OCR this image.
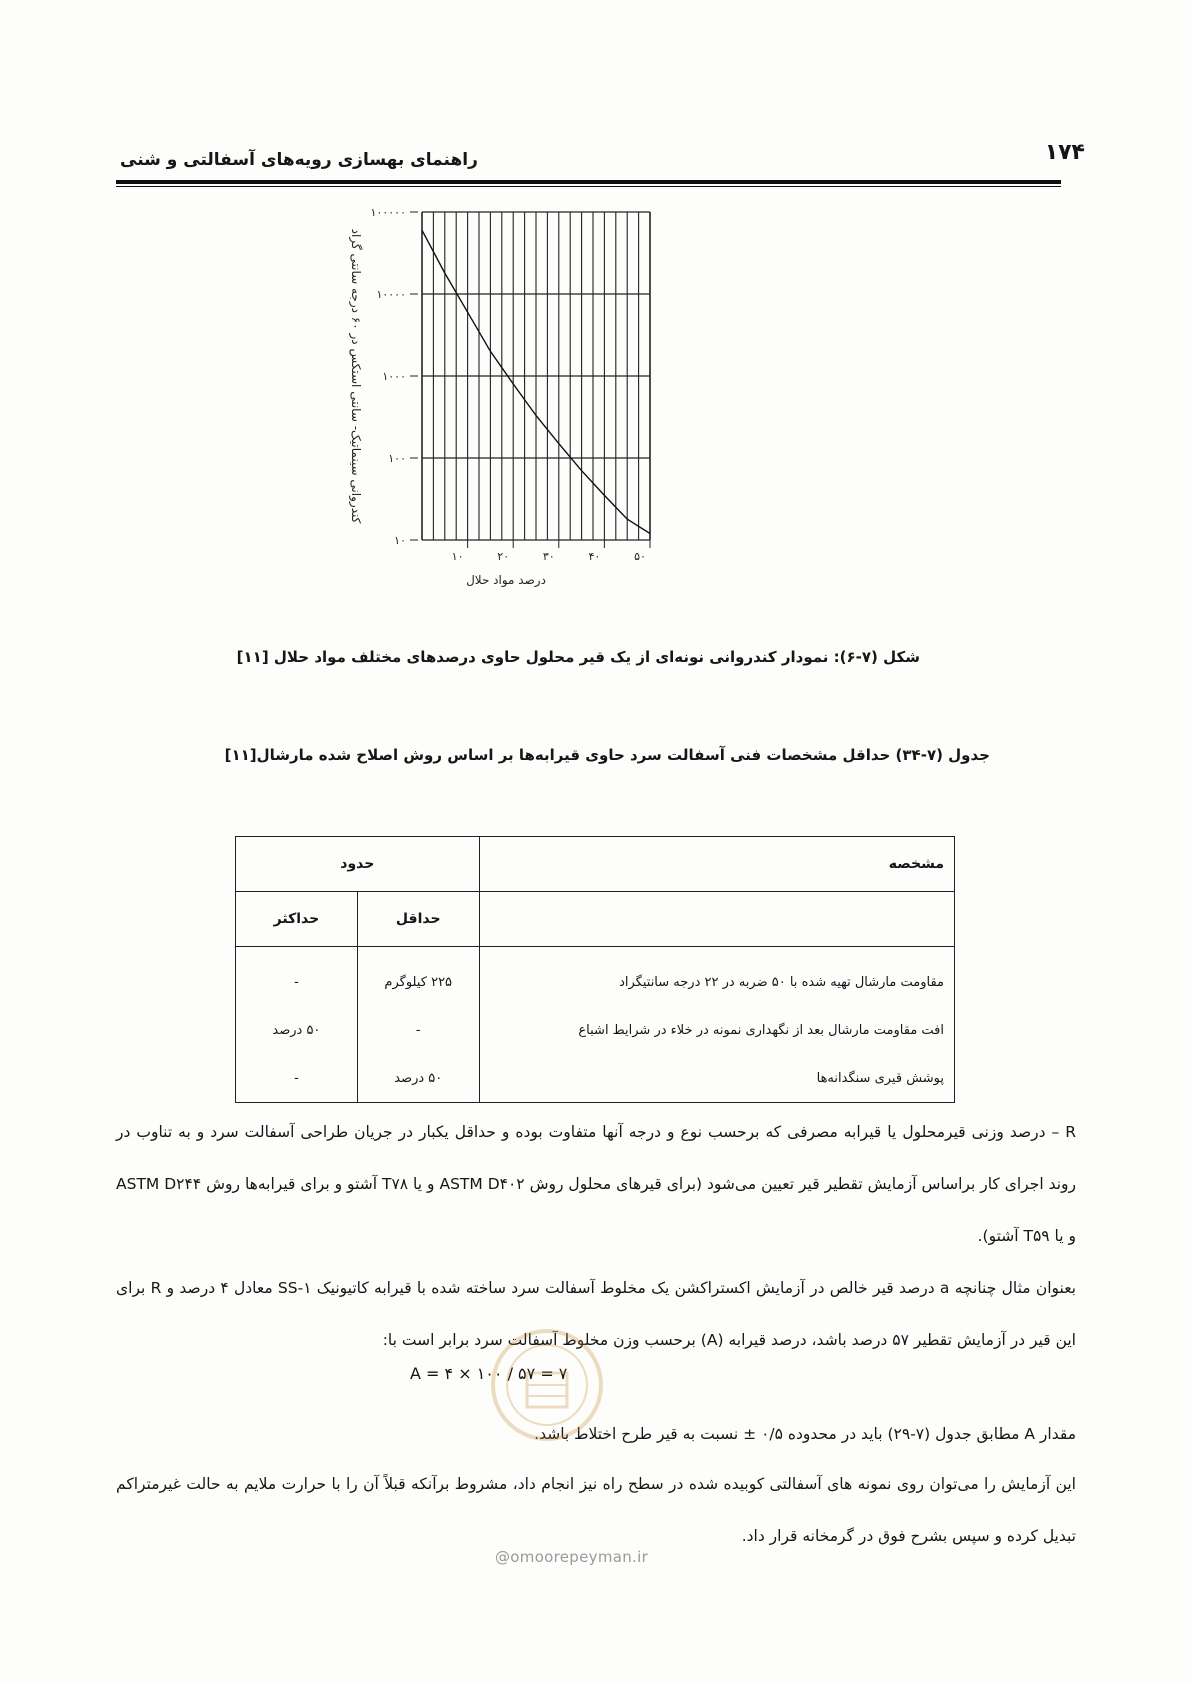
۱۷۴
راهنمای بهسازی رویه‌های آسفالتی و شنی
۱۰۰۰۰۰
۱۰۰۰۰
۱۰۰۰
۱۰۰
۱۰
۱۰	۲۰	۳۰	۴۰	۵۰
درصد مواد حلال
کندروانی سینماتیک- سانتی استکس در ۶۰ درجه سانتی گراد
شکل (۷-۶): نمودار کندروانی نونه‌ای از یک قیر محلول حاوی درصدهای مختلف مواد حلال [۱۱]
جدول (۷-۳۴) حداقل مشخصات فنی آسفالت سرد حاوی قیرابه‌ها بر اساس روش اصلاح شده مارشال[۱۱]
مشخصه	حدود	
	حداقل	حداکثر
مقاومت مارشال تهیه شده با ۵۰ ضربه در ۲۲ درجه سانتیگراد	۲۲۵ کیلوگرم	-
افت مقاومت مارشال بعد از نگهداری نمونه در خلاء در شرایط اشباع	-	۵۰ درصد
پوشش قیری سنگدانه‌ها	۵۰ درصد	-
R – درصد وزنی قیرمحلول یا قیرابه مصرفی که برحسب نوع و درجه آنها متفاوت بوده و حداقل یکبار در جریان طراحی آسفالت سرد و به تناوب در روند اجرای کار براساس آزمایش تقطیر قیر تعیین می‌شود (برای قیرهای محلول روش ASTM D۴۰۲ و یا T۷۸ آشتو و برای قیرابه‌ها روش ASTM D۲۴۴ و یا T۵۹ آشتو).
بعنوان مثال چنانچه a درصد قیر خالص در آزمایش اکستراکشن یک مخلوط آسفالت سرد ساخته شده با قیرابه کاتیونیک ۱-SS معادل ۴ درصد و R برای این قیر در آزمایش تقطیر ۵۷ درصد باشد، درصد قیرابه (A) برحسب وزن مخلوط آسفالت سرد برابر است با:
A = ۴ × ۱۰۰ / ۵۷ = ۷
مقدار A مطابق جدول (۷-۲۹) باید در محدوده ۰/۵ ± نسبت به قیر طرح اختلاط باشد.
این آزمایش را می‌توان روی نمونه های آسفالتی کوبیده شده در سطح راه نیز انجام داد، مشروط برآنکه قبلاً آن را با حرارت ملایم به حالت غیرمتراکم تبدیل کرده و سپس بشرح فوق در گرمخانه قرار داد.
@omoorepeyman.ir
